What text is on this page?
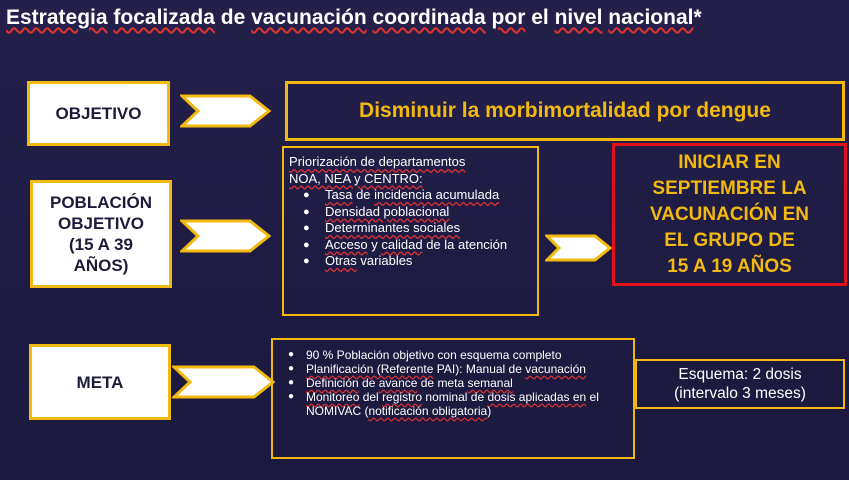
Estrategia focalizada de vacunación coordinada por el nivel nacional*
OBJETIVO	Disminuir la morbimortalidad por dengue
POBLACIÓN
OBJETIVO
(15 A 39
AÑOS)
Priorización de departamentos
NOA, NEA y CENTRO:
● Tasa de incidencia acumulada
● Densidad poblacional
● Determinantes sociales
● Acceso y calidad de la atención
● Otras variables
INICIAR EN
SEPTIEMBRE LA
VACUNACIÓN EN
EL GRUPO DE
15 A 19 AÑOS
META
● 90 % Población objetivo con esquema completo
● Planificación (Referente PAI): Manual de vacunación
● Definición de avance de meta semanal
● Monitoreo del registro nominal de dosis aplicadas en el NOMIVAC (notificación obligatoria)
Esquema: 2 dosis
(intervalo 3 meses)
